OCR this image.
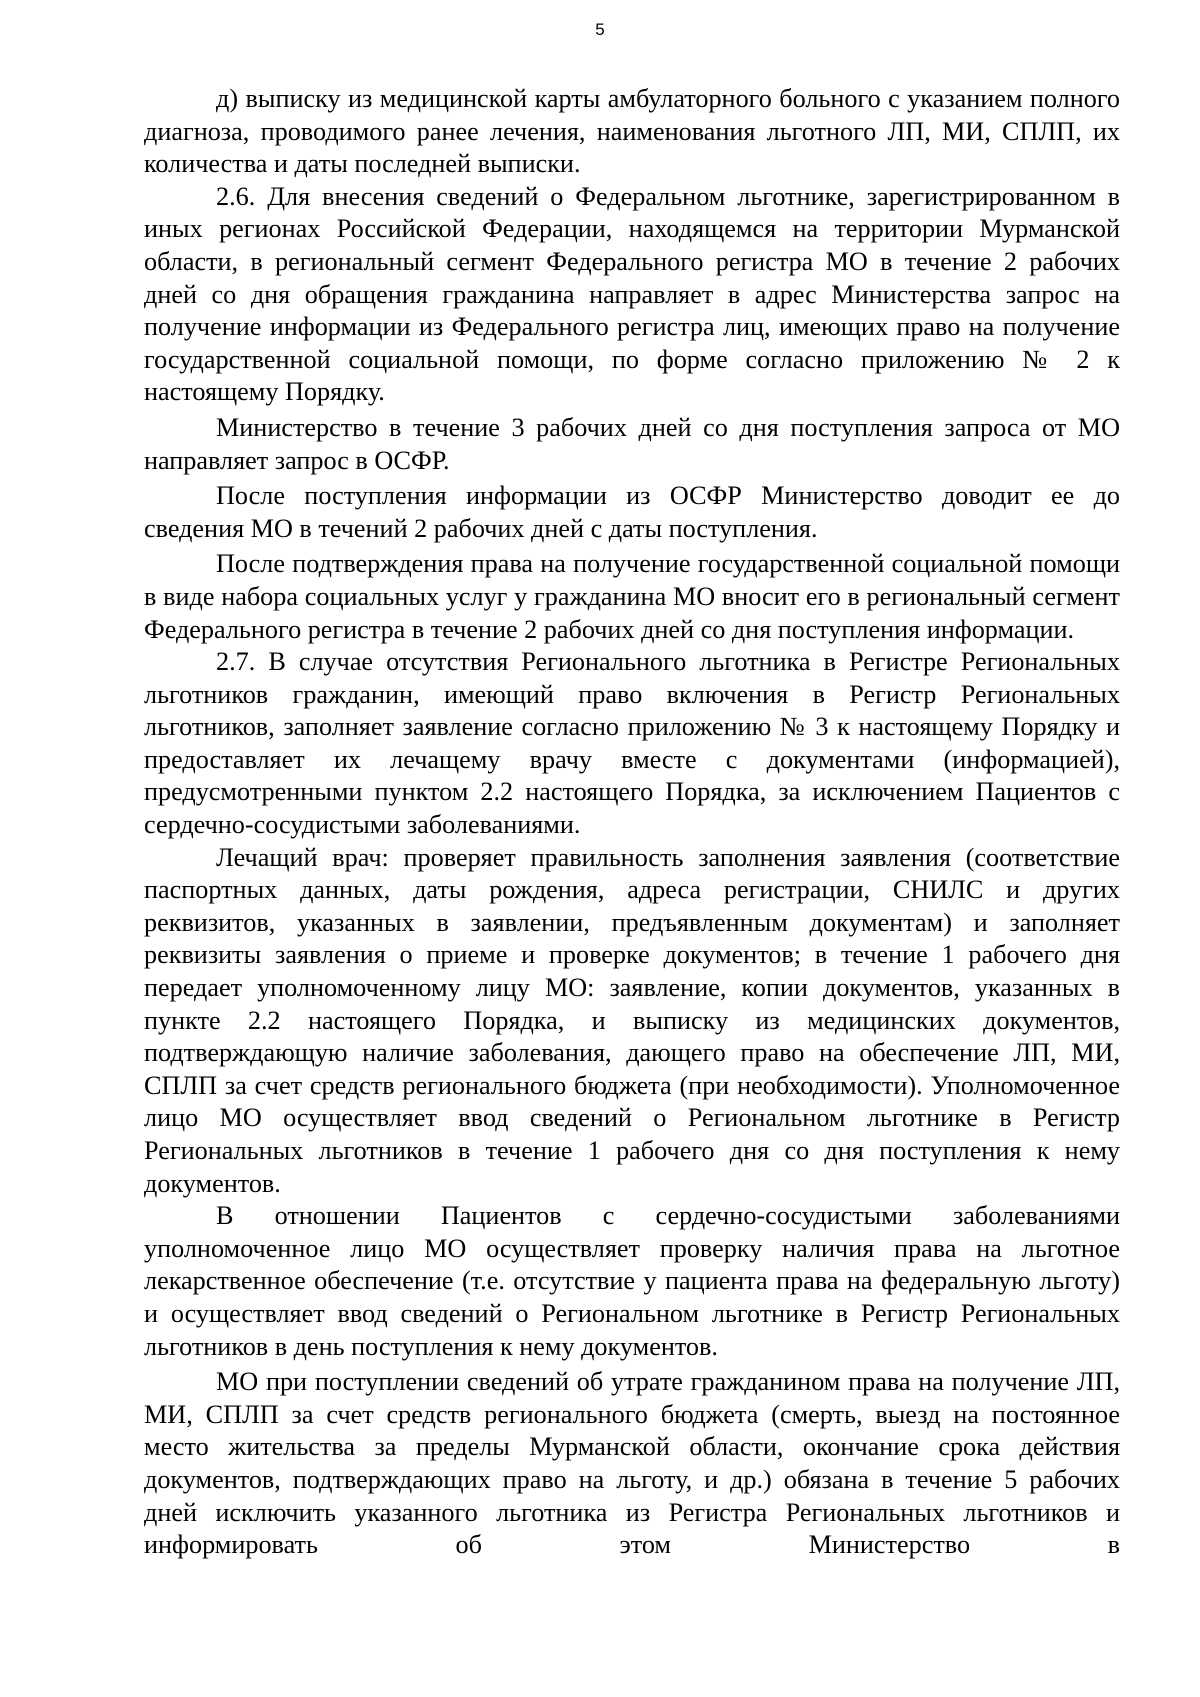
5

д) выписку из медицинской карты амбулаторного больного с указанием полного диагноза, проводимого ранее лечения, наименования льготного ЛП, МИ, СПЛП, их количества и даты последней выписки.

2.6. Для внесения сведений о Федеральном льготнике, зарегистрированном в иных регионах Российской Федерации, находящемся на территории Мурманской области, в региональный сегмент Федерального регистра МО в течение 2 рабочих дней со дня обращения гражданина направляет в адрес Министерства запрос на получение информации из Федерального регистра лиц, имеющих право на получение государственной социальной помощи, по форме согласно приложению № 2 к настоящему Порядку.

Министерство в течение 3 рабочих дней со дня поступления запроса от МО направляет запрос в ОСФР.

После поступления информации из ОСФР Министерство доводит ее до сведения МО в течений 2 рабочих дней с даты поступления.

После подтверждения права на получение государственной социальной помощи в виде набора социальных услуг у гражданина МО вносит его в региональный сегмент Федерального регистра в течение 2 рабочих дней со дня поступления информации.

2.7. В случае отсутствия Регионального льготника в Регистре Региональных льготников гражданин, имеющий право включения в Регистр Региональных льготников, заполняет заявление согласно приложению № 3 к настоящему Порядку и предоставляет их лечащему врачу вместе с документами (информацией), предусмотренными пунктом 2.2 настоящего Порядка, за исключением Пациентов с сердечно-сосудистыми заболеваниями.

Лечащий врач: проверяет правильность заполнения заявления (соответствие паспортных данных, даты рождения, адреса регистрации, СНИЛС и других реквизитов, указанных в заявлении, предъявленным документам) и заполняет реквизиты заявления о приеме и проверке документов; в течение 1 рабочего дня передает уполномоченному лицу МО: заявление, копии документов, указанных в пункте 2.2 настоящего Порядка, и выписку из медицинских документов, подтверждающую наличие заболевания, дающего право на обеспечение ЛП, МИ, СПЛП за счет средств регионального бюджета (при необходимости). Уполномоченное лицо МО осуществляет ввод сведений о Региональном льготнике в Регистр Региональных льготников в течение 1 рабочего дня со дня поступления к нему документов.

В отношении Пациентов с сердечно-сосудистыми заболеваниями уполномоченное лицо МО осуществляет проверку наличия права на льготное лекарственное обеспечение (т.е. отсутствие у пациента права на федеральную льготу) и осуществляет ввод сведений о Региональном льготнике в Регистр Региональных льготников в день поступления к нему документов.

МО при поступлении сведений об утрате гражданином права на получение ЛП, МИ, СПЛП за счет средств регионального бюджета (смерть, выезд на постоянное место жительства за пределы Мурманской области, окончание срока действия документов, подтверждающих право на льготу, и др.) обязана в течение 5 рабочих дней исключить указанного льготника из Регистра Региональных льготников и информировать об этом Министерство в
